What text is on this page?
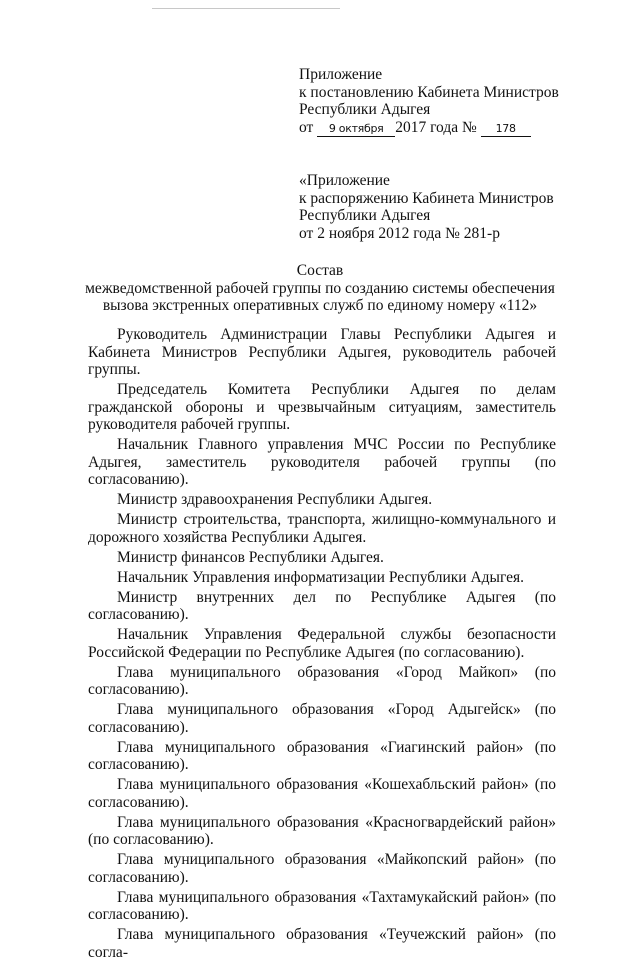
Приложение
к постановлению Кабинета Министров
Республики Адыгея
от 9 октября 2017 года № 178
«Приложение
к распоряжению Кабинета Министров
Республики Адыгея
от 2 ноября 2012 года № 281-р
Состав
межведомственной рабочей группы по созданию системы обеспечения
вызова экстренных оперативных служб по единому номеру «112»

Руководитель Администрации Главы Республики Адыгея и Кабинета Министров Республики Адыгея, руководитель рабочей группы.

Председатель Комитета Республики Адыгея по делам гражданской обороны и чрезвычайным ситуациям, заместитель руководителя рабочей группы.

Начальник Главного управления МЧС России по Республике Адыгея, заместитель руководителя рабочей группы (по согласованию).

Министр здравоохранения Республики Адыгея.

Министр строительства, транспорта, жилищно-коммунального и дорожного хозяйства Республики Адыгея.

Министр финансов Республики Адыгея.

Начальник Управления информатизации Республики Адыгея.

Министр внутренних дел по Республике Адыгея (по согласованию).

Начальник Управления Федеральной службы безопасности Российской Федерации по Республике Адыгея (по согласованию).

Глава муниципального образования «Город Майкоп» (по согласованию).

Глава муниципального образования «Город Адыгейск» (по согласованию).

Глава муниципального образования «Гиагинский район» (по согласованию).

Глава муниципального образования «Кошехабльский район» (по согласованию).

Глава муниципального образования «Красногвардейский район» (по согласованию).

Глава муниципального образования «Майкопский район» (по согласованию).

Глава муниципального образования «Тахтамукайский район» (по согласованию).

Глава муниципального образования «Теучежский район» (по согла-
